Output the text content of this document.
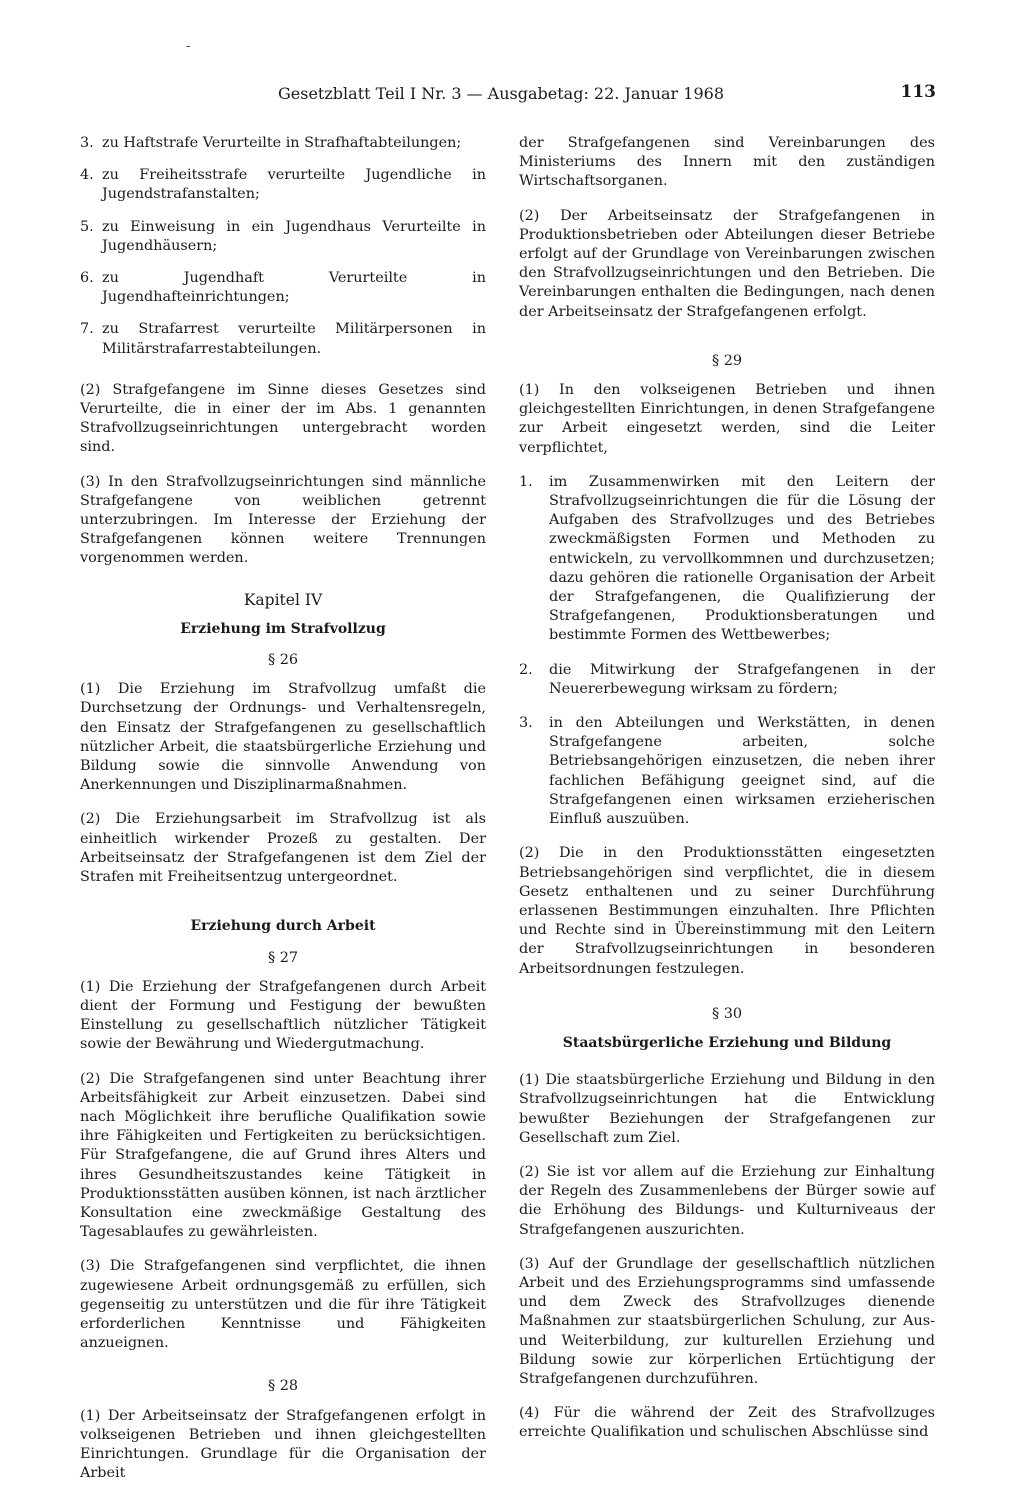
-
Gesetzblatt Teil I Nr. 3 — Ausgabetag: 22. Januar 1968	113
3. zu Haftstrafe Verurteilte in Strafhaftabteilungen;
4. zu Freiheitsstrafe verurteilte Jugendliche in Jugendstrafanstalten;
5. zu Einweisung in ein Jugendhaus Verurteilte in Jugendhäusern;
6. zu Jugendhaft Verurteilte in Jugendhafteinrichtungen;
7. zu Strafarrest verurteilte Militärpersonen in Militärstrafarrestabteilungen.

(2) Strafgefangene im Sinne dieses Gesetzes sind Verurteilte, die in einer der im Abs. 1 genannten Strafvollzugseinrichtungen untergebracht worden sind.

(3) In den Strafvollzugseinrichtungen sind männliche Strafgefangene von weiblichen getrennt unterzubringen. Im Interesse der Erziehung der Strafgefangenen können weitere Trennungen vorgenommen werden.

Kapitel IV
Erziehung im Strafvollzug
§ 26

(1) Die Erziehung im Strafvollzug umfaßt die Durchsetzung der Ordnungs- und Verhaltensregeln, den Einsatz der Strafgefangenen zu gesellschaftlich nützlicher Arbeit, die staatsbürgerliche Erziehung und Bildung sowie die sinnvolle Anwendung von Anerkennungen und Disziplinarmaßnahmen.

(2) Die Erziehungsarbeit im Strafvollzug ist als einheitlich wirkender Prozeß zu gestalten. Der Arbeitseinsatz der Strafgefangenen ist dem Ziel der Strafen mit Freiheitsentzug untergeordnet.

Erziehung durch Arbeit
§ 27

(1) Die Erziehung der Strafgefangenen durch Arbeit dient der Formung und Festigung der bewußten Einstellung zu gesellschaftlich nützlicher Tätigkeit sowie der Bewährung und Wiedergutmachung.

(2) Die Strafgefangenen sind unter Beachtung ihrer Arbeitsfähigkeit zur Arbeit einzusetzen. Dabei sind nach Möglichkeit ihre berufliche Qualifikation sowie ihre Fähigkeiten und Fertigkeiten zu berücksichtigen. Für Strafgefangene, die auf Grund ihres Alters und ihres Gesundheitszustandes keine Tätigkeit in Produktionsstätten ausüben können, ist nach ärztlicher Konsultation eine zweckmäßige Gestaltung des Tagesablaufes zu gewährleisten.

(3) Die Strafgefangenen sind verpflichtet, die ihnen zugewiesene Arbeit ordnungsgemäß zu erfüllen, sich gegenseitig zu unterstützen und die für ihre Tätigkeit erforderlichen Kenntnisse und Fähigkeiten anzueignen.

§ 28

(1) Der Arbeitseinsatz der Strafgefangenen erfolgt in volkseigenen Betrieben und ihnen gleichgestellten Einrichtungen. Grundlage für die Organisation der Arbeit

der Strafgefangenen sind Vereinbarungen des Ministeriums des Innern mit den zuständigen Wirtschaftsorganen.

(2) Der Arbeitseinsatz der Strafgefangenen in Produktionsbetrieben oder Abteilungen dieser Betriebe erfolgt auf der Grundlage von Vereinbarungen zwischen den Strafvollzugseinrichtungen und den Betrieben. Die Vereinbarungen enthalten die Bedingungen, nach denen der Arbeitseinsatz der Strafgefangenen erfolgt.

§ 29

(1) In den volkseigenen Betrieben und ihnen gleichgestellten Einrichtungen, in denen Strafgefangene zur Arbeit eingesetzt werden, sind die Leiter verpflichtet,

1.	im Zusammenwirken mit den Leitern der Strafvollzugseinrichtungen die für die Lösung der Aufgaben des Strafvollzuges und des Betriebes zweckmäßigsten Formen und Methoden zu entwickeln, zu vervollkommnen und durchzusetzen; dazu gehören die rationelle Organisation der Arbeit der Strafgefangenen, die Qualifizierung der Strafgefangenen, Produktionsberatungen und bestimmte Formen des Wettbewerbes;
2.	die Mitwirkung der Strafgefangenen in der Neuererbewegung wirksam zu fördern;
3.	in den Abteilungen und Werkstätten, in denen Strafgefangene arbeiten, solche Betriebsangehörigen einzusetzen, die neben ihrer fachlichen Befähigung geeignet sind, auf die Strafgefangenen einen wirksamen erzieherischen Einfluß auszuüben.

(2) Die in den Produktionsstätten eingesetzten Betriebsangehörigen sind verpflichtet, die in diesem Gesetz enthaltenen und zu seiner Durchführung erlassenen Bestimmungen einzuhalten. Ihre Pflichten und Rechte sind in Übereinstimmung mit den Leitern der Strafvollzugseinrichtungen in besonderen Arbeitsordnungen festzulegen.

§ 30
Staatsbürgerliche Erziehung und Bildung

(1) Die staatsbürgerliche Erziehung und Bildung in den Strafvollzugseinrichtungen hat die Entwicklung bewußter Beziehungen der Strafgefangenen zur Gesellschaft zum Ziel.

(2) Sie ist vor allem auf die Erziehung zur Einhaltung der Regeln des Zusammenlebens der Bürger sowie auf die Erhöhung des Bildungs- und Kulturniveaus der Strafgefangenen auszurichten.

(3) Auf der Grundlage der gesellschaftlich nützlichen Arbeit und des Erziehungsprogramms sind umfassende und dem Zweck des Strafvollzuges dienende Maßnahmen zur staatsbürgerlichen Schulung, zur Aus- und Weiterbildung, zur kulturellen Erziehung und Bildung sowie zur körperlichen Ertüchtigung der Strafgefangenen durchzuführen.

(4) Für die während der Zeit des Strafvollzuges erreichte Qualifikation und schulischen Abschlüsse sind
